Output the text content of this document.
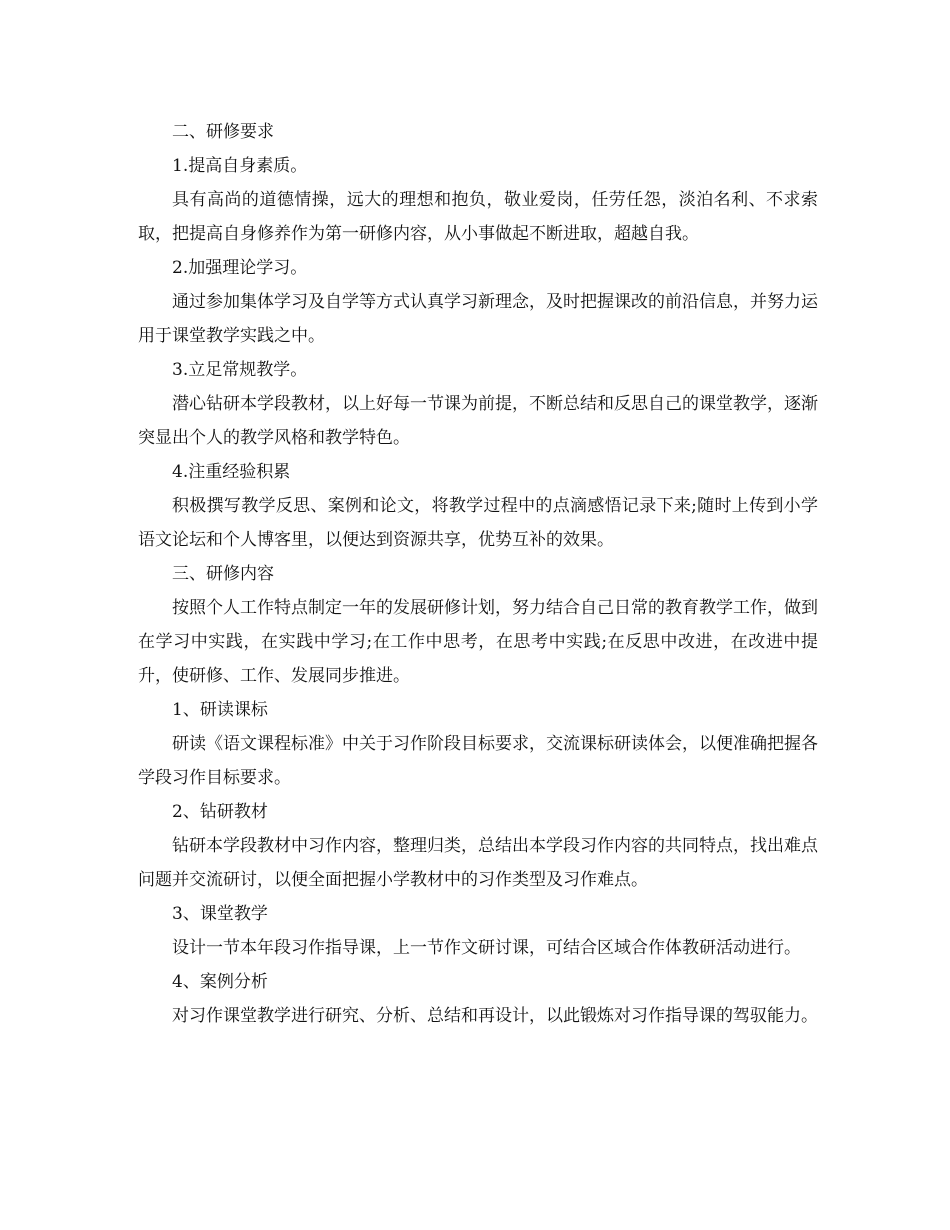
二、研修要求

1.提高自身素质。

具有高尚的道德情操，远大的理想和抱负，敬业爱岗，任劳任怨，淡泊名利、不求索取，把提高自身修养作为第一研修内容，从小事做起不断进取，超越自我。

2.加强理论学习。

通过参加集体学习及自学等方式认真学习新理念，及时把握课改的前沿信息，并努力运用于课堂教学实践之中。

3.立足常规教学。

潜心钻研本学段教材，以上好每一节课为前提，不断总结和反思自己的课堂教学，逐渐突显出个人的教学风格和教学特色。

4.注重经验积累

积极撰写教学反思、案例和论文，将教学过程中的点滴感悟记录下来;随时上传到小学语文论坛和个人博客里，以便达到资源共享，优势互补的效果。

三、研修内容

按照个人工作特点制定一年的发展研修计划，努力结合自己日常的教育教学工作，做到在学习中实践，在实践中学习;在工作中思考，在思考中实践;在反思中改进，在改进中提升，使研修、工作、发展同步推进。

1、研读课标

研读《语文课程标准》中关于习作阶段目标要求，交流课标研读体会，以便准确把握各学段习作目标要求。

2、钻研教材

钻研本学段教材中习作内容，整理归类，总结出本学段习作内容的共同特点，找出难点问题并交流研讨，以便全面把握小学教材中的习作类型及习作难点。

3、课堂教学

设计一节本年段习作指导课，上一节作文研讨课，可结合区域合作体教研活动进行。

4、案例分析

对习作课堂教学进行研究、分析、总结和再设计，以此锻炼对习作指导课的驾驭能力。
